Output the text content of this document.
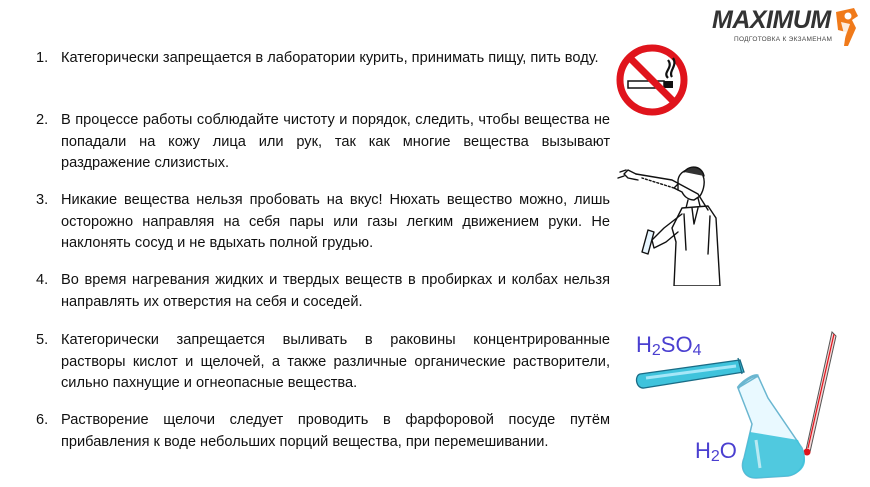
MAXIMUM
ПОДГОТОВКА К ЭКЗАМЕНАМ
1. Категорически запрещается в лаборатории курить, принимать пищу, пить воду.
2. В процессе работы соблюдайте чистоту и порядок, следить, чтобы вещества не попадали на кожу лица или рук, так как многие вещества вызывают раздражение слизистых.
3. Никакие вещества нельзя пробовать на вкус! Нюхать вещество можно, лишь осторожно направляя на себя пары или газы легким движением руки. Не наклонять сосуд и не вдыхать полной грудью.
4. Во время нагревания жидких и твердых веществ в пробирках и колбах нельзя направлять их отверстия на себя и соседей.
5. Категорически запрещается выливать в раковины концентрированные растворы кислот и щелочей, а также различные органические растворители, сильно пахнущие и огнеопасные вещества.
6. Растворение щелочи следует проводить в фарфоровой посуде путём прибавления к воде небольших порций вещества, при перемешивании.
$H_2SO_4$
$H_2O$
